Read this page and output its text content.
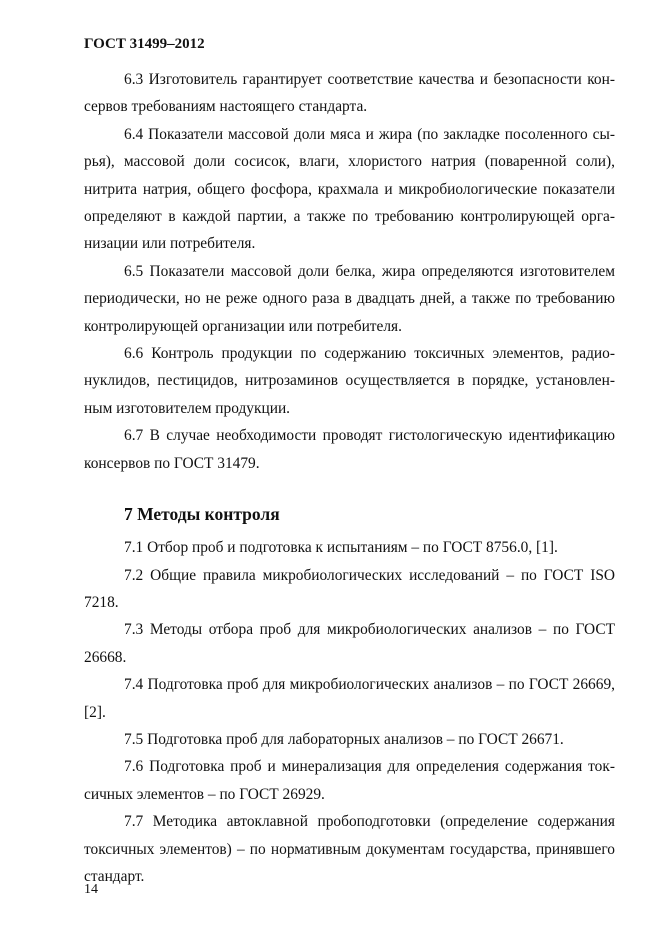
ГОСТ 31499–2012

6.3 Изготовитель гарантирует соответствие качества и безопасности консервов требованиям настоящего стандарта.

6.4 Показатели массовой доли мяса и жира (по закладке посоленного сырья), массовой доли сосисок, влаги, хлористого натрия (поваренной соли), нитрита натрия, общего фосфора, крахмала и микробиологические показатели определяют в каждой партии, а также по требованию контролирующей организации или потребителя.

6.5 Показатели массовой доли белка, жира определяются изготовителем периодически, но не реже одного раза в двадцать дней, а также по требованию контролирующей организации или потребителя.

6.6 Контроль продукции по содержанию токсичных элементов, радионуклидов, пестицидов, нитрозаминов осуществляется в порядке, установленным изготовителем продукции.

6.7 В случае необходимости проводят гистологическую идентификацию консервов по ГОСТ 31479.

7 Методы контроля

7.1 Отбор проб и подготовка к испытаниям – по ГОСТ 8756.0, [1].

7.2 Общие правила микробиологических исследований – по ГОСТ ISO 7218.

7.3 Методы отбора проб для микробиологических анализов – по ГОСТ 26668.

7.4 Подготовка проб для микробиологических анализов – по ГОСТ 26669, [2].

7.5 Подготовка проб для лабораторных анализов – по ГОСТ 26671.

7.6 Подготовка проб и минерализация для определения содержания токсичных элементов – по ГОСТ 26929.

7.7 Методика автоклавной пробоподготовки (определение содержания токсичных элементов) – по нормативным документам государства, принявшего стандарт.

14
